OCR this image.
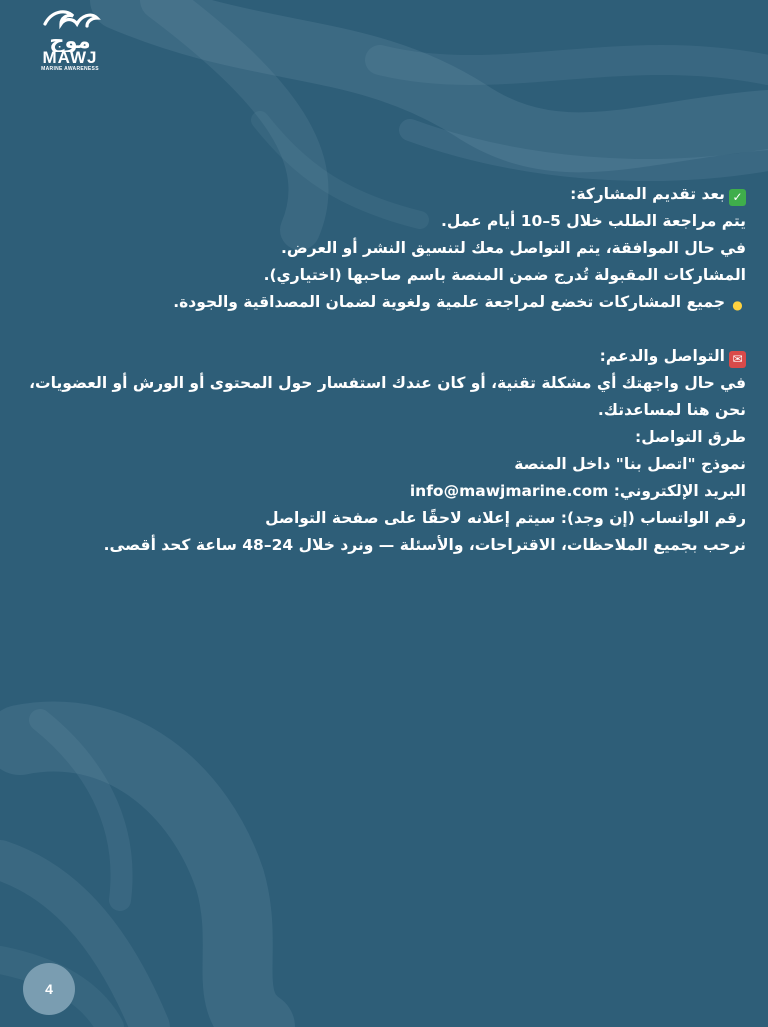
موج
MAWJ
MARINE AWARENESS

✓بعد تقديم المشاركة:

يتم مراجعة الطلب خلال 5–10 أيام عمل.

في حال الموافقة، يتم التواصل معك لتنسيق النشر أو العرض.

المشاركات المقبولة تُدرج ضمن المنصة باسم صاحبها (اختياري).

●جميع المشاركات تخضع لمراجعة علمية ولغوية لضمان المصداقية والجودة.

✉التواصل والدعم:

في حال واجهتك أي مشكلة تقنية، أو كان عندك استفسار حول المحتوى أو الورش أو العضويات، نحن هنا لمساعدتك.

طرق التواصل:

نموذج "اتصل بنا" داخل المنصة

البريد الإلكتروني: info@mawjmarine.com

رقم الواتساب (إن وجد): سيتم إعلانه لاحقًا على صفحة التواصل

نرحب بجميع الملاحظات، الاقتراحات، والأسئلة — ونرد خلال 24–48 ساعة كحد أقصى.

4
